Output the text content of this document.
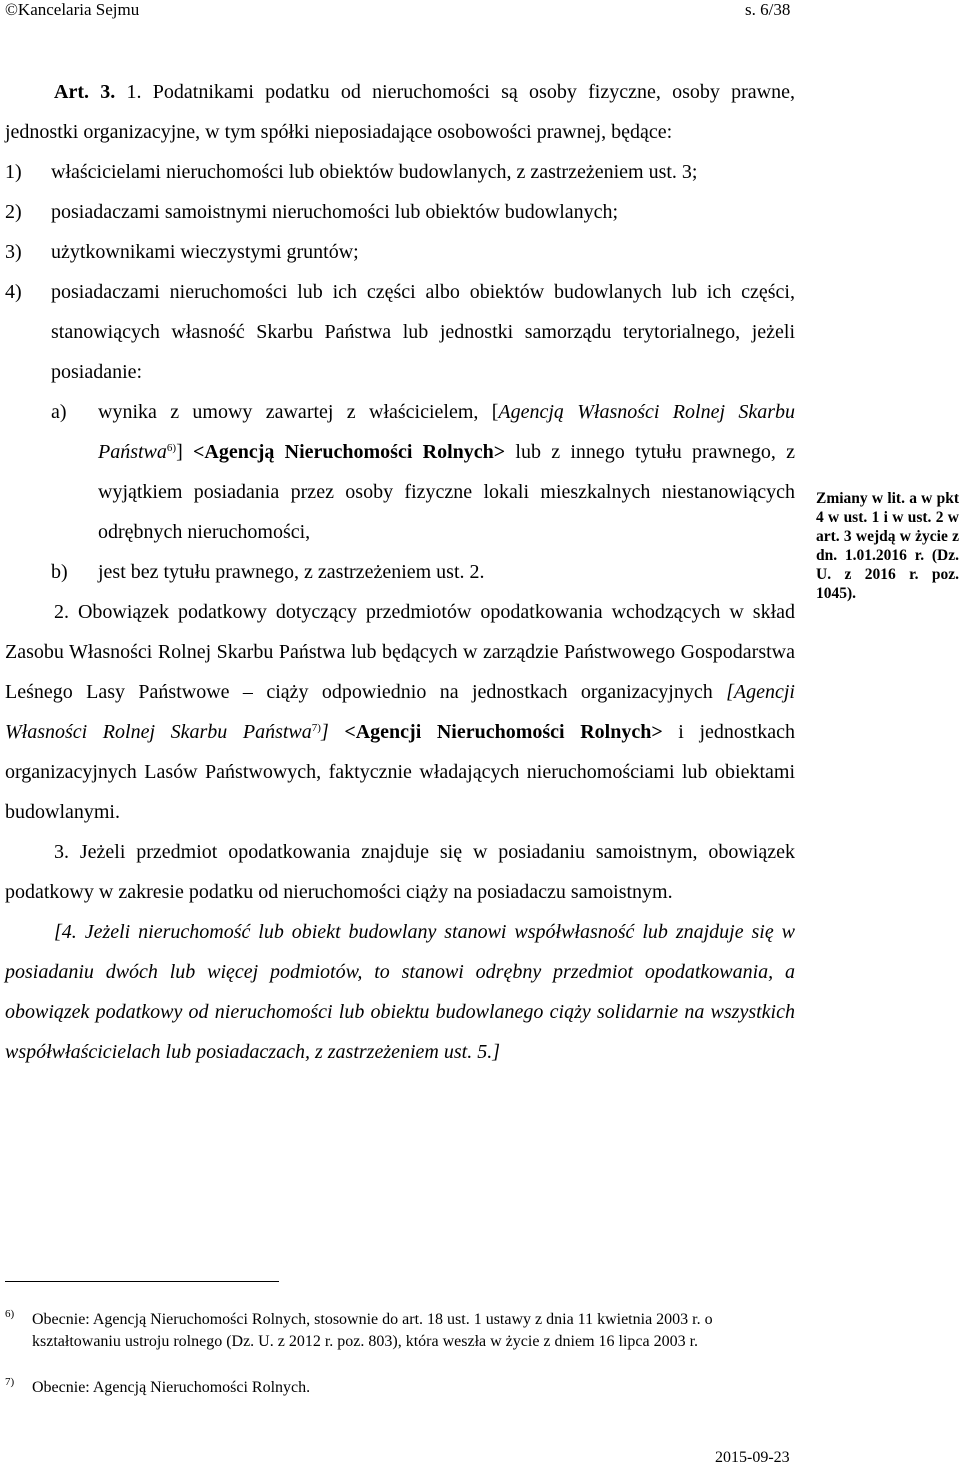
©Kancelaria Sejmu	s. 6/38
Art. 3. 1. Podatnikami podatku od nieruchomości są osoby fizyczne, osoby prawne, jednostki organizacyjne, w tym spółki nieposiadające osobowości prawnej, będące:
1) właścicielami nieruchomości lub obiektów budowlanych, z zastrzeżeniem ust. 3;
2) posiadaczami samoistnymi nieruchomości lub obiektów budowlanych;
3) użytkownikami wieczystymi gruntów;
4) posiadaczami nieruchomości lub ich części albo obiektów budowlanych lub ich części, stanowiących własność Skarbu Państwa lub jednostki samorządu terytorialnego, jeżeli posiadanie:
a) wynika z umowy zawartej z właścicielem, [Agencją Własności Rolnej Skarbu Państwa$^{6)}$] <Agencją Nieruchomości Rolnych> lub z innego tytułu prawnego, z wyjątkiem posiadania przez osoby fizyczne lokali mieszkalnych niestanowiących odrębnych nieruchomości,
b) jest bez tytułu prawnego, z zastrzeżeniem ust. 2.
2. Obowiązek podatkowy dotyczący przedmiotów opodatkowania wchodzących w skład Zasobu Własności Rolnej Skarbu Państwa lub będących w zarządzie Państwowego Gospodarstwa Leśnego Lasy Państwowe – ciąży odpowiednio na jednostkach organizacyjnych [Agencji Własności Rolnej Skarbu Państwa$^{7)}$] <Agencji Nieruchomości Rolnych> i jednostkach organizacyjnych Lasów Państwowych, faktycznie władających nieruchomościami lub obiektami budowlanymi.
3. Jeżeli przedmiot opodatkowania znajduje się w posiadaniu samoistnym, obowiązek podatkowy w zakresie podatku od nieruchomości ciąży na posiadaczu samoistnym.
[4. Jeżeli nieruchomość lub obiekt budowlany stanowi współwłasność lub znajduje się w posiadaniu dwóch lub więcej podmiotów, to stanowi odrębny przedmiot opodatkowania, a obowiązek podatkowy od nieruchomości lub obiektu budowlanego ciąży solidarnie na wszystkich współwłaścicielach lub posiadaczach, z zastrzeżeniem ust. 5.]
Zmiany w lit. a w pkt 4 w ust. 1 i w ust. 2 w art. 3 wejdą w życie z dn. 1.01.2016 r. (Dz. U. z 2016 r. poz. 1045).
6) Obecnie: Agencją Nieruchomości Rolnych, stosownie do art. 18 ust. 1 ustawy z dnia 11 kwietnia 2003 r. o kształtowaniu ustroju rolnego (Dz. U. z 2012 r. poz. 803), która weszła w życie z dniem 16 lipca 2003 r.
7) Obecnie: Agencją Nieruchomości Rolnych.
2015-09-23
